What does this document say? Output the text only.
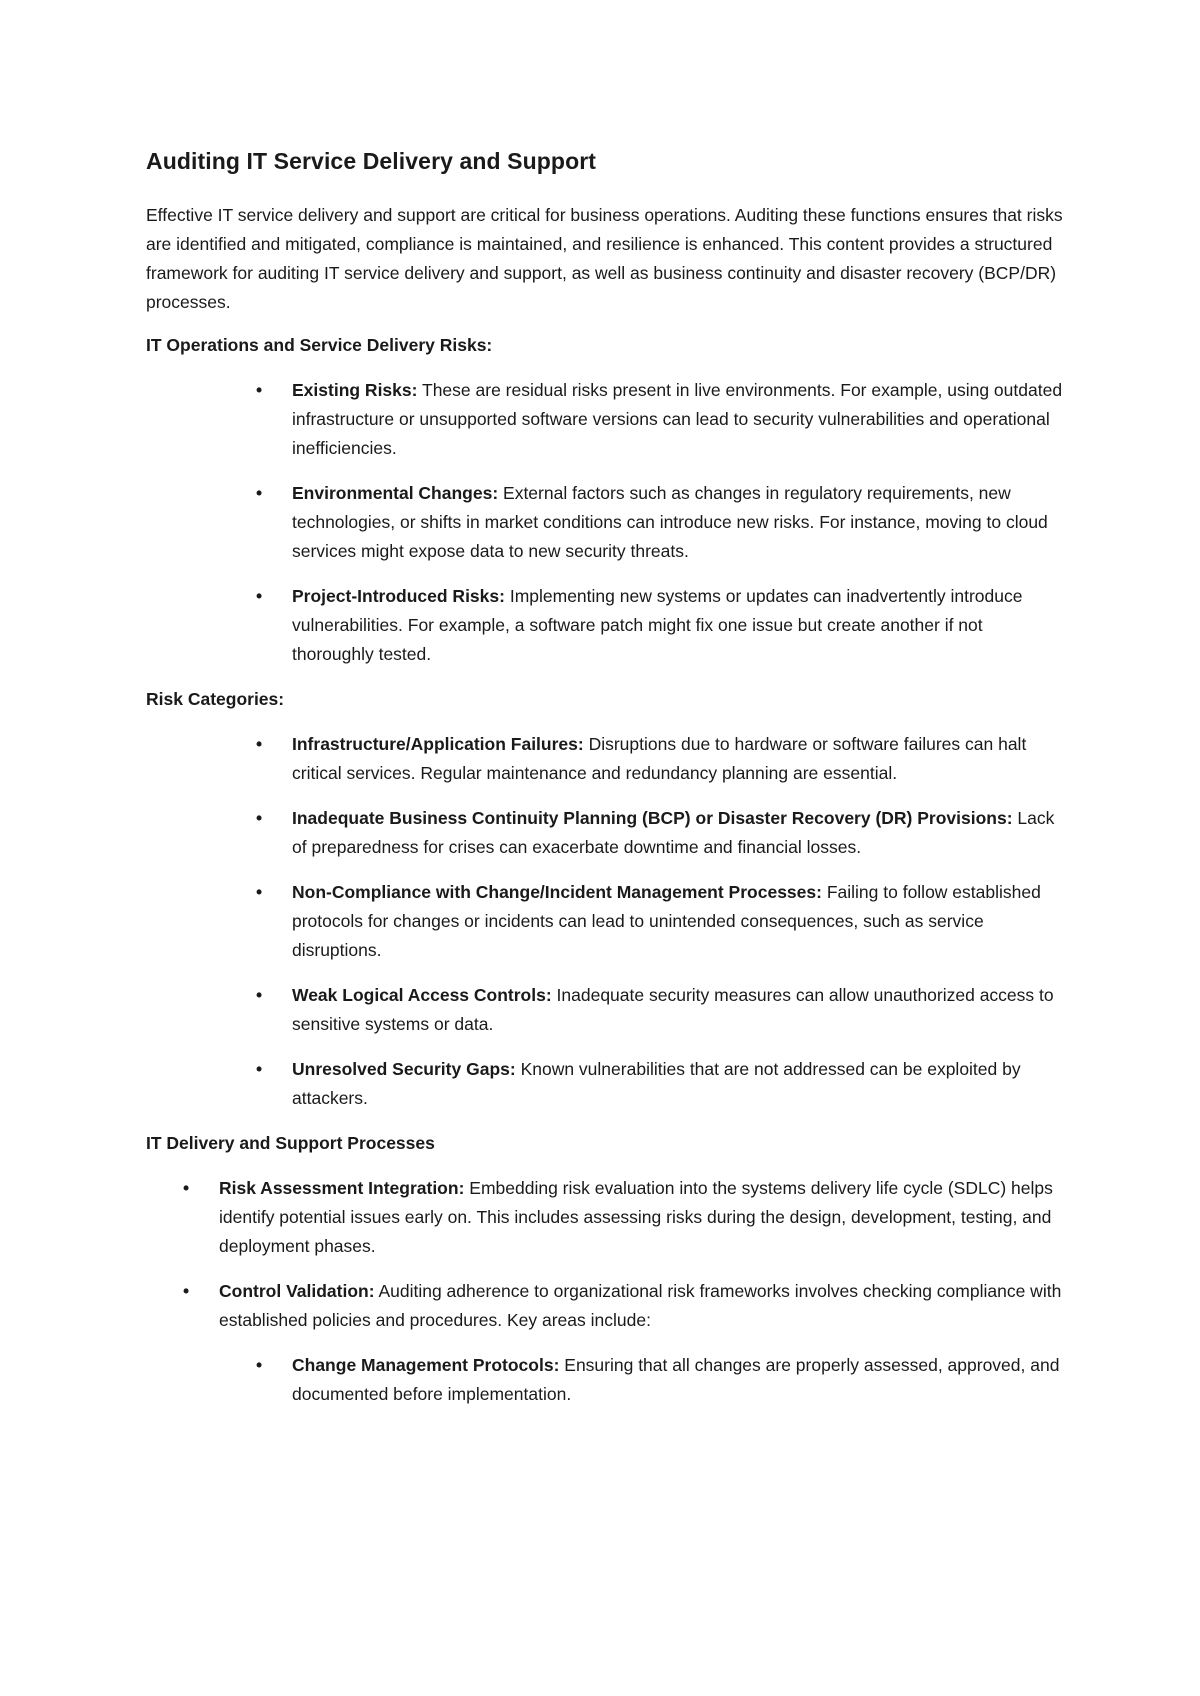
Auditing IT Service Delivery and Support

Effective IT service delivery and support are critical for business operations. Auditing these functions ensures that risks are identified and mitigated, compliance is maintained, and resilience is enhanced. This content provides a structured framework for auditing IT service delivery and support, as well as business continuity and disaster recovery (BCP/DR) processes.

IT Operations and Service Delivery Risks:
• Existing Risks: These are residual risks present in live environments. For example, using outdated infrastructure or unsupported software versions can lead to security vulnerabilities and operational inefficiencies.
• Environmental Changes: External factors such as changes in regulatory requirements, new technologies, or shifts in market conditions can introduce new risks. For instance, moving to cloud services might expose data to new security threats.
• Project-Introduced Risks: Implementing new systems or updates can inadvertently introduce vulnerabilities. For example, a software patch might fix one issue but create another if not thoroughly tested.
Risk Categories:
• Infrastructure/Application Failures: Disruptions due to hardware or software failures can halt critical services. Regular maintenance and redundancy planning are essential.
• Inadequate Business Continuity Planning (BCP) or Disaster Recovery (DR) Provisions: Lack of preparedness for crises can exacerbate downtime and financial losses.
• Non-Compliance with Change/Incident Management Processes: Failing to follow established protocols for changes or incidents can lead to unintended consequences, such as service disruptions.
• Weak Logical Access Controls: Inadequate security measures can allow unauthorized access to sensitive systems or data.
• Unresolved Security Gaps: Known vulnerabilities that are not addressed can be exploited by attackers.
IT Delivery and Support Processes
• Risk Assessment Integration: Embedding risk evaluation into the systems delivery life cycle (SDLC) helps identify potential issues early on. This includes assessing risks during the design, development, testing, and deployment phases.
• Control Validation: Auditing adherence to organizational risk frameworks involves checking compliance with established policies and procedures. Key areas include:
• Change Management Protocols: Ensuring that all changes are properly assessed, approved, and documented before implementation.
